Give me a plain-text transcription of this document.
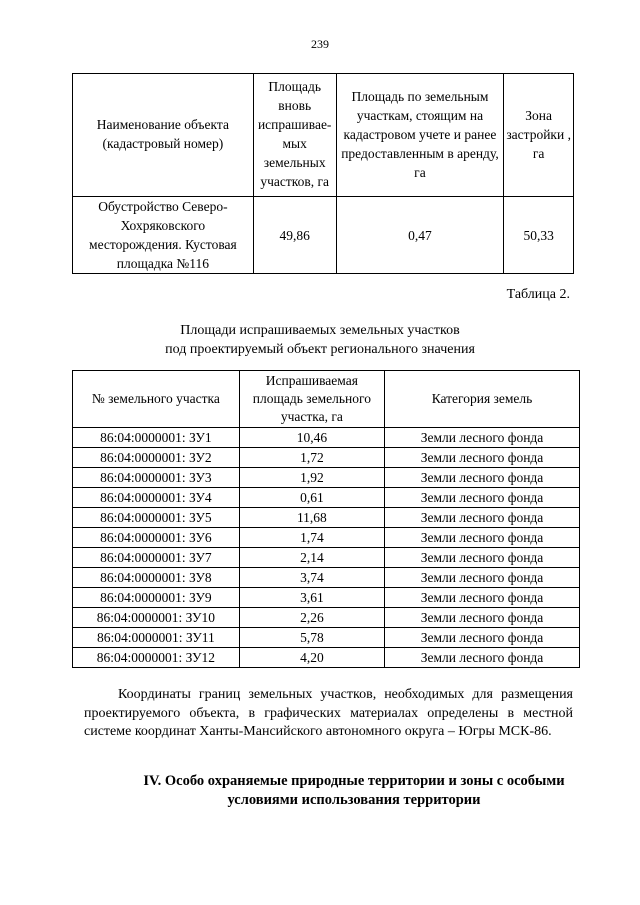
239
Наименование объекта (кадастровый номер)	Площадь вновь испрашивае-мых земельных участков, га	Площадь по земельным участкам, стоящим на кадастровом учете и ранее предоставленным в аренду, га	Зона застройки , га
Обустройство Северо-Хохряковского месторождения. Кустовая площадка №116	49,86	0,47	50,33
Таблица 2.
Площади испрашиваемых земельных участков
под проектируемый объект регионального значения
№ земельного участка	Испрашиваемая площадь земельного участка, га	Категория земель
86:04:0000001: ЗУ1	10,46	Земли лесного фонда
86:04:0000001: ЗУ2	1,72	Земли лесного фонда
86:04:0000001: ЗУ3	1,92	Земли лесного фонда
86:04:0000001: ЗУ4	0,61	Земли лесного фонда
86:04:0000001: ЗУ5	11,68	Земли лесного фонда
86:04:0000001: ЗУ6	1,74	Земли лесного фонда
86:04:0000001: ЗУ7	2,14	Земли лесного фонда
86:04:0000001: ЗУ8	3,74	Земли лесного фонда
86:04:0000001: ЗУ9	3,61	Земли лесного фонда
86:04:0000001: ЗУ10	2,26	Земли лесного фонда
86:04:0000001: ЗУ11	5,78	Земли лесного фонда
86:04:0000001: ЗУ12	4,20	Земли лесного фонда
Координаты границ земельных участков, необходимых для размещения проектируемого объекта, в графических материалах определены в местной системе координат Ханты-Мансийского автономного округа – Югры МСК-86.
IV. Особо охраняемые природные территории и зоны с особыми условиями использования территории
